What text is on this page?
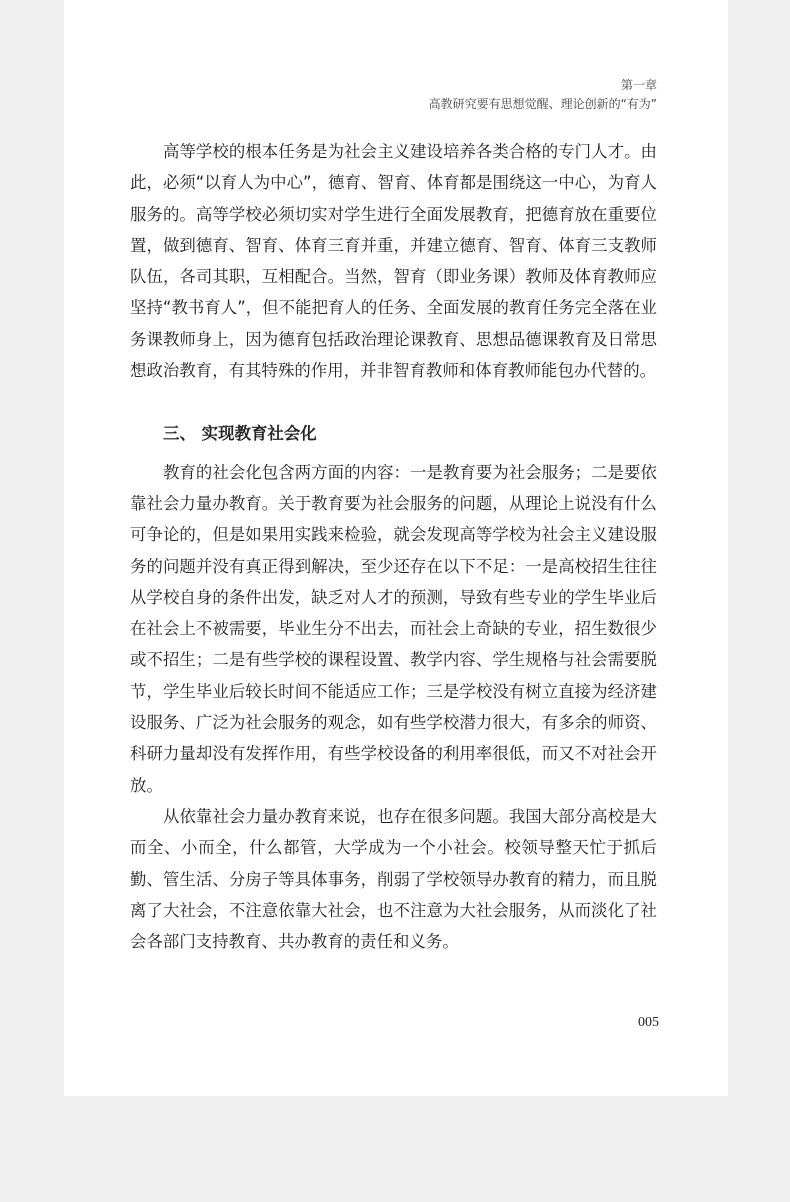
第一章
高教研究要有思想觉醒、理论创新的“有为”

高等学校的根本任务是为社会主义建设培养各类合格的专门人才。由此，必须“以育人为中心”，德育、智育、体育都是围绕这一中心，为育人服务的。高等学校必须切实对学生进行全面发展教育，把德育放在重要位置，做到德育、智育、体育三育并重，并建立德育、智育、体育三支教师队伍，各司其职，互相配合。当然，智育（即业务课）教师及体育教师应坚持“教书育人”，但不能把育人的任务、全面发展的教育任务完全落在业务课教师身上，因为德育包括政治理论课教育、思想品德课教育及日常思想政治教育，有其特殊的作用，并非智育教师和体育教师能包办代替的。

三、 实现教育社会化

教育的社会化包含两方面的内容：一是教育要为社会服务；二是要依靠社会力量办教育。关于教育要为社会服务的问题，从理论上说没有什么可争论的，但是如果用实践来检验，就会发现高等学校为社会主义建设服务的问题并没有真正得到解决，至少还存在以下不足：一是高校招生往往从学校自身的条件出发，缺乏对人才的预测，导致有些专业的学生毕业后在社会上不被需要，毕业生分不出去，而社会上奇缺的专业，招生数很少或不招生；二是有些学校的课程设置、教学内容、学生规格与社会需要脱节，学生毕业后较长时间不能适应工作；三是学校没有树立直接为经济建设服务、广泛为社会服务的观念，如有些学校潜力很大，有多余的师资、科研力量却没有发挥作用，有些学校设备的利用率很低，而又不对社会开放。

从依靠社会力量办教育来说，也存在很多问题。我国大部分高校是大而全、小而全，什么都管，大学成为一个小社会。校领导整天忙于抓后勤、管生活、分房子等具体事务，削弱了学校领导办教育的精力，而且脱离了大社会，不注意依靠大社会，也不注意为大社会服务，从而淡化了社会各部门支持教育、共办教育的责任和义务。

005
